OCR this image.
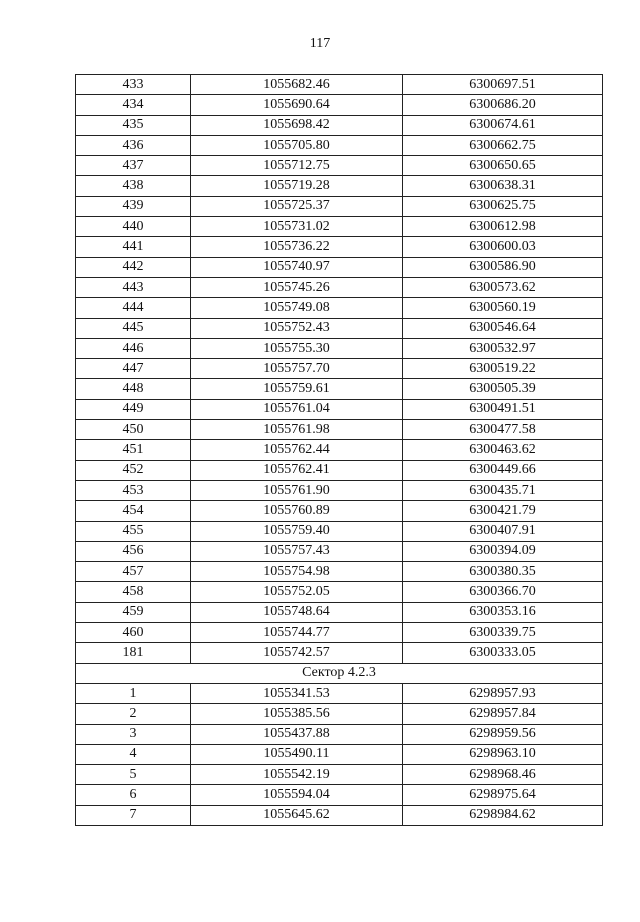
117
433	1055682.46	6300697.51
434	1055690.64	6300686.20
435	1055698.42	6300674.61
436	1055705.80	6300662.75
437	1055712.75	6300650.65
438	1055719.28	6300638.31
439	1055725.37	6300625.75
440	1055731.02	6300612.98
441	1055736.22	6300600.03
442	1055740.97	6300586.90
443	1055745.26	6300573.62
444	1055749.08	6300560.19
445	1055752.43	6300546.64
446	1055755.30	6300532.97
447	1055757.70	6300519.22
448	1055759.61	6300505.39
449	1055761.04	6300491.51
450	1055761.98	6300477.58
451	1055762.44	6300463.62
452	1055762.41	6300449.66
453	1055761.90	6300435.71
454	1055760.89	6300421.79
455	1055759.40	6300407.91
456	1055757.43	6300394.09
457	1055754.98	6300380.35
458	1055752.05	6300366.70
459	1055748.64	6300353.16
460	1055744.77	6300339.75
181	1055742.57	6300333.05
Сектор 4.2.3		
1	1055341.53	6298957.93
2	1055385.56	6298957.84
3	1055437.88	6298959.56
4	1055490.11	6298963.10
5	1055542.19	6298968.46
6	1055594.04	6298975.64
7	1055645.62	6298984.62
